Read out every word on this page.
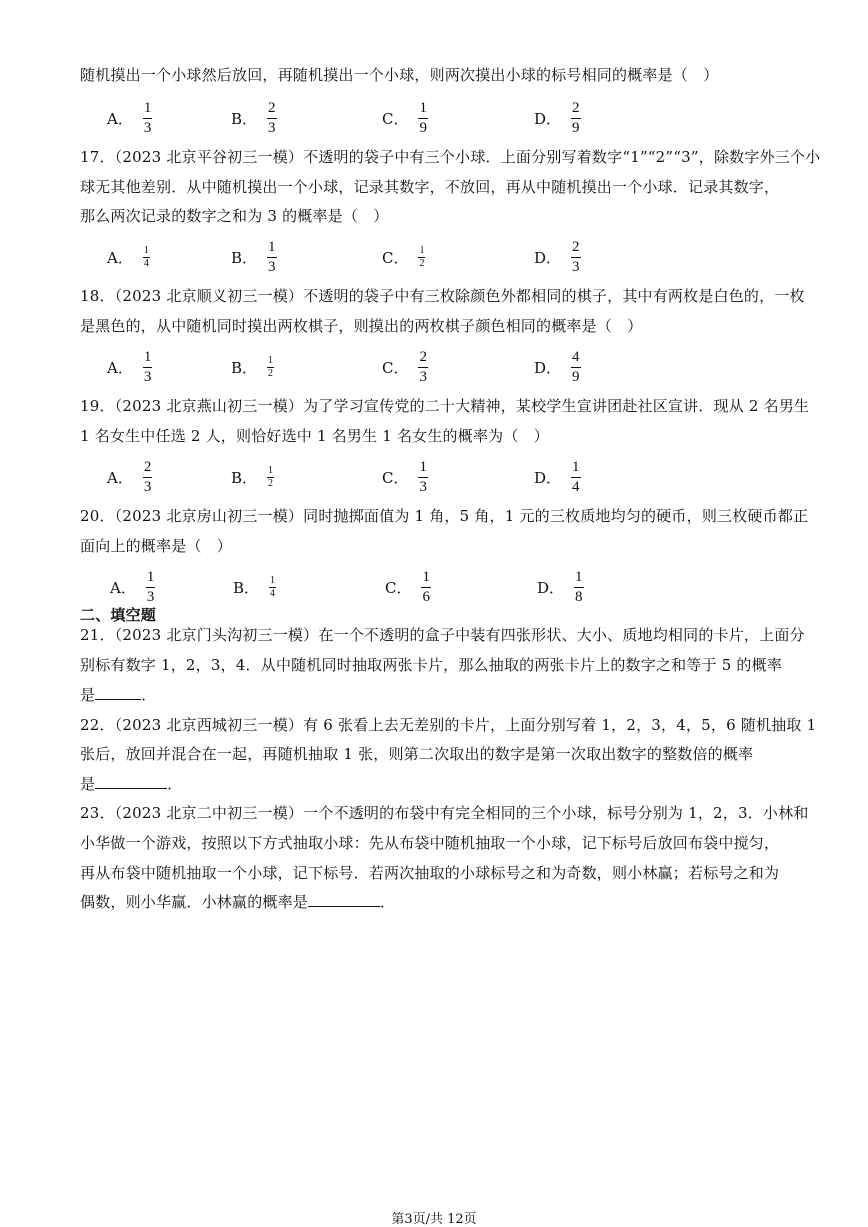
随机摸出一个小球然后放回，再随机摸出一个小球，则两次摸出小球的标号相同的概率是（　）
A． $\frac{1}{3}$	B． $\frac{2}{3}$	C． $\frac{1}{9}$	D． $\frac{2}{9}$
17．（2023 北京平谷初三一模）不透明的袋子中有三个小球．上面分别写着数字“1”“2”“3”，除数字外三个小
球无其他差别．从中随机摸出一个小球，记录其数字，不放回，再从中随机摸出一个小球．记录其数字，
那么两次记录的数字之和为 3 的概率是（　）
A． $\frac{1}{4}$	B． $\frac{1}{3}$	C． $\frac{1}{2}$	D． $\frac{2}{3}$
18．（2023 北京顺义初三一模）不透明的袋子中有三枚除颜色外都相同的棋子，其中有两枚是白色的，一枚
是黑色的，从中随机同时摸出两枚棋子，则摸出的两枚棋子颜色相同的概率是（　）
A． $\frac{1}{3}$	B． $\frac{1}{2}$	C． $\frac{2}{3}$	D． $\frac{4}{9}$
19．（2023 北京燕山初三一模）为了学习宣传党的二十大精神，某校学生宣讲团赴社区宣讲．现从 2 名男生
1 名女生中任选 2 人，则恰好选中 1 名男生 1 名女生的概率为（　）
A． $\frac{2}{3}$	B． $\frac{1}{2}$	C． $\frac{1}{3}$	D． $\frac{1}{4}$
20．（2023 北京房山初三一模）同时抛掷面值为 1 角，5 角，1 元的三枚质地均匀的硬币，则三枚硬币都正
面向上的概率是（　）
A． $\frac{1}{3}$	B． $\frac{1}{4}$	C． $\frac{1}{6}$	D． $\frac{1}{8}$
二、填空题
21．（2023 北京门头沟初三一模）在一个不透明的盒子中装有四张形状、大小、质地均相同的卡片，上面分
别标有数字 1，2，3，4．从中随机同时抽取两张卡片，那么抽取的两张卡片上的数字之和等于 5 的概率
是	．
22．（2023 北京西城初三一模）有 6 张看上去无差别的卡片，上面分别写着 1，2，3，4，5，6 随机抽取 1
张后，放回并混合在一起，再随机抽取 1 张，则第二次取出的数字是第一次取出数字的整数倍的概率
是	．
23．（2023 北京二中初三一模）一个不透明的布袋中有完全相同的三个小球，标号分别为 1，2，3．小林和
小华做一个游戏，按照以下方式抽取小球：先从布袋中随机抽取一个小球，记下标号后放回布袋中搅匀，
再从布袋中随机抽取一个小球，记下标号．若两次抽取的小球标号之和为奇数，则小林赢；若标号之和为
偶数，则小华赢．小林赢的概率是	．
第3页/共 12页
